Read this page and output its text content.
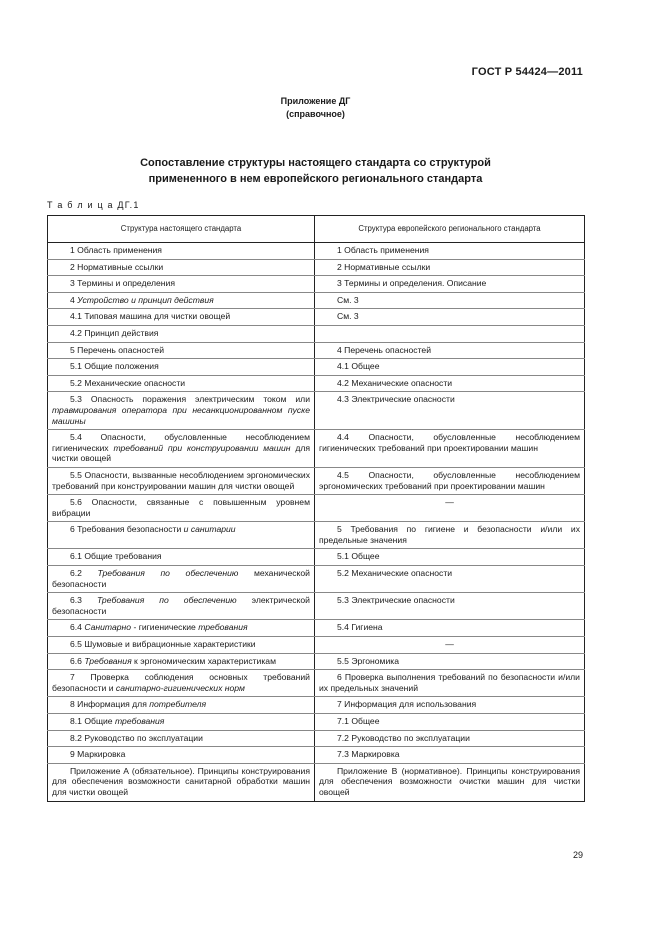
ГОСТ Р 54424—2011
Приложение ДГ
(справочное)
Сопоставление структуры настоящего стандарта со структурой
примененного в нем европейского регионального стандарта
Т а б л и ц а ДГ.1
Структура настоящего стандарта	Структура европейского регионального стандарта
1 Область применения	1 Область применения
2 Нормативные ссылки	2 Нормативные ссылки
3 Термины и определения	3 Термины и определения. Описание
4 Устройство и принцип действия	См. 3
4.1 Типовая машина для чистки овощей	См. 3
4.2 Принцип действия	
5 Перечень опасностей	4 Перечень опасностей
5.1 Общие положения	4.1 Общее
5.2 Механические опасности	4.2 Механические опасности
5.3 Опасность поражения электрическим током или травмирования оператора при несанкционированном пуске машины	4.3 Электрические опасности
5.4 Опасности, обусловленные несоблюдением гигиенических требований при конструировании машин для чистки овощей	4.4 Опасности, обусловленные несоблюдением гигиенических требований при проектировании машин
5.5 Опасности, вызванные несоблюдением эргономических требований при конструировании машин для чистки овощей	4.5 Опасности, обусловленные несоблюдением эргономических требований при проектировании машин
5.6 Опасности, связанные с повышенным уровнем вибрации	—
6 Требования безопасности и санитарии	5 Требования по гигиене и безопасности и/или их предельные значения
6.1 Общие требования	5.1 Общее
6.2 Требования по обеспечению механической безопасности	5.2 Механические опасности
6.3 Требования по обеспечению электрической безопасности	5.3 Электрические опасности
6.4 Санитарно - гигиенические требования	5.4 Гигиена
6.5 Шумовые и вибрационные характеристики	—
6.6 Требования к эргономическим характеристикам	5.5 Эргономика
7 Проверка соблюдения основных требований безопасности и санитарно-гигиенических норм	6 Проверка выполнения требований по безопасности и/или их предельных значений
8 Информация для потребителя	7 Информация для использования
8.1 Общие требования	7.1 Общее
8.2 Руководство по эксплуатации	7.2 Руководство по эксплуатации
9 Маркировка	7.3 Маркировка
Приложение А (обязательное). Принципы конструирования для обеспечения возможности санитарной обработки машин для чистки овощей	Приложение В (нормативное). Принципы конструирования для обеспечения возможности очистки машин для чистки овощей
29
